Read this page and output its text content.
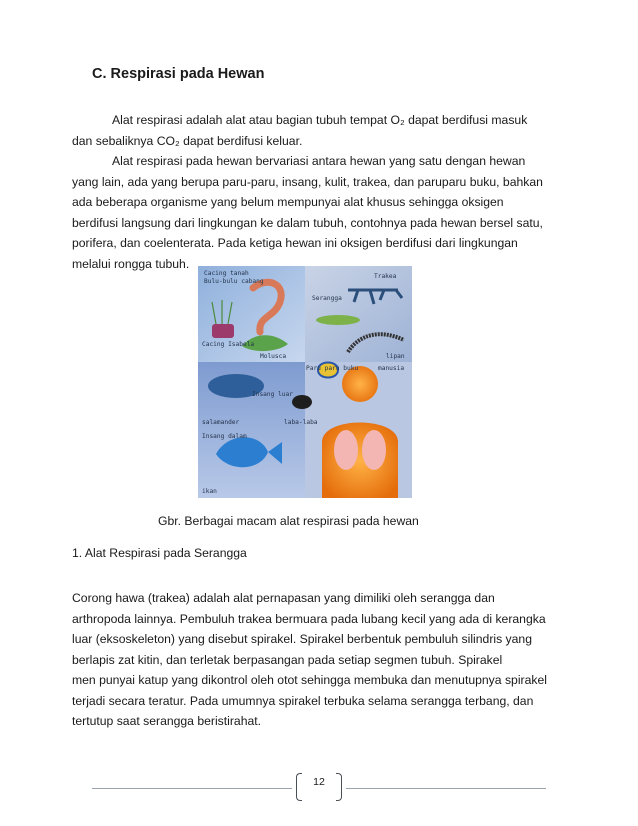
C. Respirasi pada Hewan
Alat respirasi adalah alat atau bagian tubuh tempat O₂ dapat berdifusi masuk
dan sebaliknya CO₂ dapat berdifusi keluar.
Alat respirasi pada hewan bervariasi antara hewan yang satu dengan hewan
yang lain, ada yang berupa paru-paru, insang, kulit, trakea, dan paruparu buku, bahkan
ada beberapa organisme yang belum mempunyai alat khusus sehingga oksigen
berdifusi langsung dari lingkungan ke dalam tubuh, contohnya pada hewan bersel satu,
porifera, dan coelenterata. Pada ketiga hewan ini oksigen berdifusi dari lingkungan
melalui rongga tubuh.
Cacing tanah
Bulu-bulu cabang
Cacing Isabela
Molusca
Trakea
Serangga
lipan
Paru paru buku	manusia
Insang luar
salamander	laba-laba
Insang dalam
ikan
Gbr. Berbagai macam alat respirasi pada hewan
1. Alat Respirasi pada Serangga
Corong hawa (trakea) adalah alat pernapasan yang dimiliki oleh serangga dan
arthropoda lainnya. Pembuluh trakea bermuara pada lubang kecil yang ada di kerangka
luar (eksoskeleton) yang disebut spirakel. Spirakel berbentuk pembuluh silindris yang
berlapis zat kitin, dan terletak berpasangan pada setiap segmen tubuh. Spirakel
men punyai katup yang dikontrol oleh otot sehingga membuka dan menutupnya spirakel
terjadi secara teratur. Pada umumnya spirakel terbuka selama serangga terbang, dan
tertutup saat serangga beristirahat.
12
